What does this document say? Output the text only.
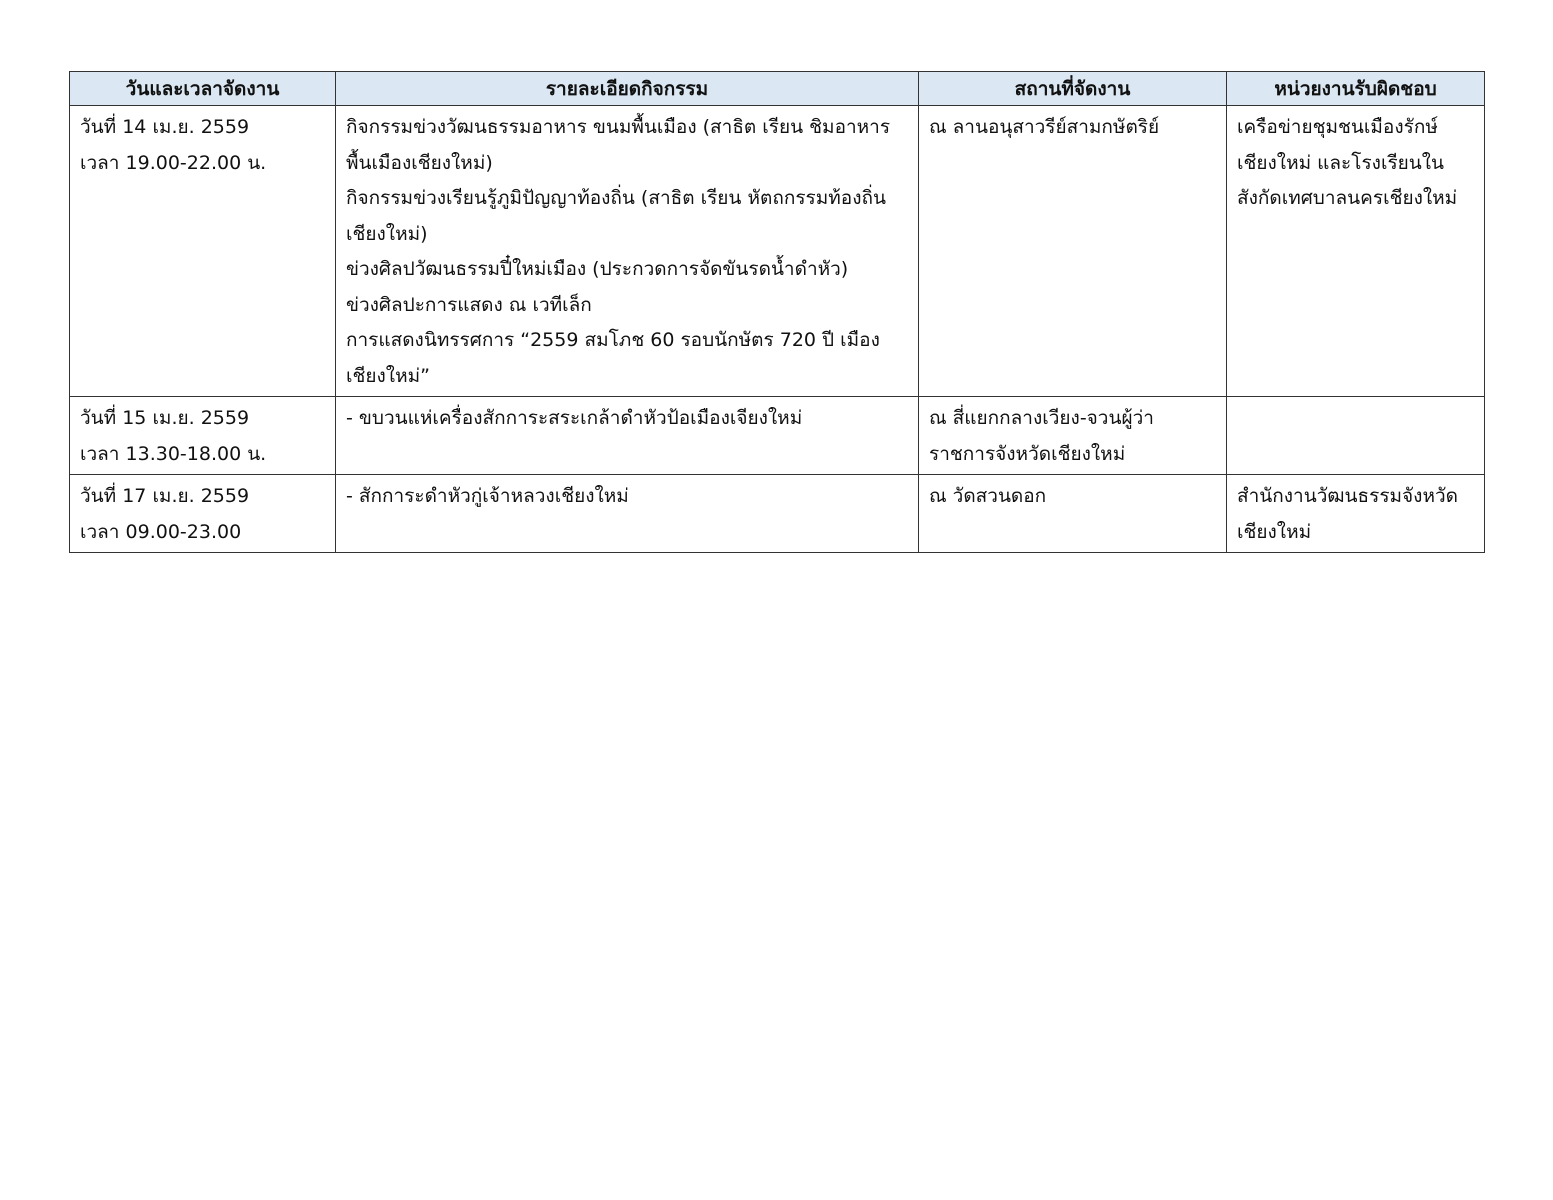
วันและเวลาจัดงาน	รายละเอียดกิจกรรม	สถานที่จัดงาน	หน่วยงานรับผิดชอบ

วันที่ 14 เม.ย. 2559
เวลา 19.00-22.00 น.	กิจกรรมข่วงวัฒนธรรมอาหาร ขนมพื้นเมือง (สาธิต เรียน ชิมอาหาร พื้นเมืองเชียงใหม่)
กิจกรรมข่วงเรียนรู้ภูมิปัญญาท้องถิ่น (สาธิต เรียน หัตถกรรมท้องถิ่น เชียงใหม่)
ข่วงศิลปวัฒนธรรมปี๋ใหม่เมือง (ประกวดการจัดขันรดน้ำดำหัว)
ข่วงศิลปะการแสดง ณ เวทีเล็ก
การแสดงนิทรรศการ “2559 สมโภช 60 รอบนักษัตร 720 ปี เมือง เชียงใหม่”	ณ ลานอนุสาวรีย์สามกษัตริย์	เครือข่ายชุมชนเมืองรักษ์ เชียงใหม่ และโรงเรียนใน สังกัดเทศบาลนครเชียงใหม่

วันที่ 15 เม.ย. 2559
เวลา 13.30-18.00 น.	- ขบวนแห่เครื่องสักการะสระเกล้าดำหัวป้อเมืองเจียงใหม่	ณ สี่แยกกลางเวียง-จวนผู้ว่า
ราชการจังหวัดเชียงใหม่	

วันที่ 17 เม.ย. 2559
เวลา 09.00-23.00	- สักการะดำหัวกู่เจ้าหลวงเชียงใหม่	ณ วัดสวนดอก	สำนักงานวัฒนธรรมจังหวัด เชียงใหม่
